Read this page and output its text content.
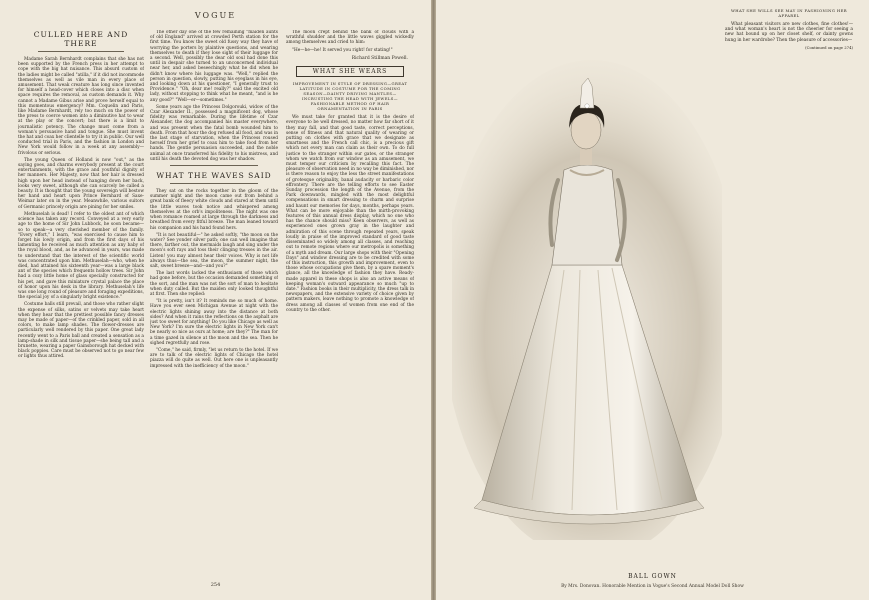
VOGUE
CULLED HERE AND THERE

Madame Sarah Bernhardt complains that she has not been supported by the French press in her attempt to cope with the big hat nuisance. This absurd custom of the ladies might be called "atilla," if it did not incommode themselves as well as vile man in every place of amusement. That weak creature has long since invented for himself a head-cover which closes into a disc when space requires the removal, as custom demands it. Why cannot a Madame Gibus arise and prove herself equal to this momentous emergency? Mm. Coquelin and Paris, like Madame Bernhardt, rely too much on the power of the press to coerce women into a diminutive hat to wear at the play or the concert; but there is a limit to journalistic potency. The change must come from a woman's persuasive hand and tongue. She must invent the hat and coax her clientelle to try it in public. Our well conducted trial in Paris, and the fashion in London and New York would follow in a week at any assembly—frivolous or serious.

The young Queen of Holland is now "out," as the saying goes, and charms everybody present at the court entertainments, with the grace and youthful dignity of her manners. Her Majesty, now that her hair is dressed high upon her head instead of hanging down her back, looks very sweet, although she can scarcely be called a beauty. It is thought that the young sovereign will bestow her hand and heart upon Prince Bernhard of Saxe-Weimar later on in the year. Meanwhile, various suitors of Germanic princely origin are pining for her smiles.

Methuselah is dead! I refer to the oldest ant of which science has taken any record. Conveyed at a very early age to the home of Sir John Lubbock, he soon became—so to speak—a very cherished member of the family. "Every effort," I learn, "was exercised to cause him to forget his lowly origin, and from the first days of his lamenting he received as much attention as any baby of the royal blood, and, as he advanced in years, was made to understand that the interest of the scientific world was concentrated upon him. Methuselah—who, when he died, had attained his sixteenth year—was a large black ant of the species which frequents hollow trees. Sir John had a cozy little home of glass specially constructed for his pet, and gave this miniature crystal palace the place of honor upon his desk in the library. Methuselah's life was one long round of pleasure and foraging expeditions, the special joy of a singularly bright existence."

Costume balls still prevail, and those who rather slight the expense of silks, satins or velvets may take heart when they hear that the prettiest possible fancy dresses may be made of paper—of the crinkled paper, sold in all colors, to make lamp shades. The flower-dresses are particularly well rendered by this paper. One great lady recently went to a Paris ball and created a sensation as a lamp-shade in silk and tissue paper—she being tall and a brunette, wearing a paper Gainsborough hat decked with black poppies. Care must be observed not to go near few or lights thus attired.

The other day one of the few remaining "maiden aunts of old England" arrived at crowded Perth station for the first time. You know the sweet old fussy way they have of worrying the porters by plaintive questions, and wearing themselves to death if they lose sight of their luggage for a second. Well, possibly the dear old soul had done this until in despair she turned to an unconcerned individual near her, and asked beseechingly what he did when he didn't know where his luggage was. "Well," replied the person in question, slowly, putting his eyeglass in his eye, and looking down at his questioner, "I generally trust to Providence." "Oh, dear me! really?" said the excited old lady, without stopping to think what he meant, "and is he any good?" "Well—er—sometimes."

Some years ago the Princess Dolgorouki, widow of the Czar Alexander II., possessed a magnificent dog, whose fidelity was remarkable. During the lifetime of Czar Alexander, the dog accompanied his master everywhere, and was present when the fatal bomb wounded him to death. From that hour the dog refused all food, and was in the last stage of starvation, when the Princess roused herself from her grief to coax him to take food from her hands. The gentle persuasion succeeded, and the noble animal at once transferred his fidelity to his mistress, and until his death the devoted dog was her shadow.

WHAT THE WAVES SAID

They sat on the rocks together in the gloom of the summer night and the moon came out from behind a great bank of fleecy white clouds and stared at them until the little waves took notice and whispered among themselves at the orb's impoliteness. The night was one when romance roamed at large through the darkness and breathed from every fitful breeze. The man leaned toward his companion and his hand found hers.

"It is not beautiful—" he asked softly, "the moon on the water? See yonder silver path; one can well imagine that there, farther out, the mermaids laugh and sing under the moon's soft rays and toss their clinging tresses in the air. Listen! you may almost hear their voices. Why is not life always thus—the sea, the moon, the summer night, the salt, sweet breeze—and—and you?"

The last words lacked the enthusiasm of those which had gone before, but the occasion demanded something of the sort, and the man was not the sort of man to hesitate when duty called. But the maiden only looked thoughtful at first. Then she replied:

"It is pretty, isn't it? It reminds me so much of home. Have you ever seen Michigan Avenue at night with the electric lights shining away into the distance at both sides? And when it rains the reflections on the asphalt are just too sweet for anything! Do you like Chicago as well as New York? I'm sure the electric lights in New York can't be nearly so nice as ours at home; are they?" The man for a time gazed in silence at the moon and the sea. Then he sighed regretfully and rose.

"Come," he said, firmly, "let us return to the hotel. If we are to talk of the electric lights of Chicago the hotel piazza will do quite as well. Out here one is unpleasantly impressed with the inefficiency of the moon."

The moon crept behind the bank of clouds with a wrathful shudder and the little waves giggled wickedly among themselves and cried to him:

"He—he—he! It served you right! for stating!"

Richard Stillman Powell.
WHAT SHE WEARS
IMPROVEMENT IN STYLE OF DRESSING—GREAT LATITUDE IN COSTUME FOR THE COMING SEASON—DAINTY DRIVING MANTLES—INCRUSTING THE HEAD WITH JEWELS—FASHIONABLE METHOD OF HAIR ORNAMENTATION IN PARIS

We must take for granted that it is the desire of everyone to be well dressed, no matter how far short of it they may fall, and that good taste, correct perceptions, sense of fitness and that natural quality of wearing or putting on clothes with grace that we designate as smartness and the French call chic, is a precious gift which not every man can claim as their own. To do full justice to the stranger within our gates, or the stranger whom we watch from our window as an amusement, we must temper our criticism by recalling this fact. The pleasure of observation need in no way be diminished, nor is there reason to enjoy the less the street manifestations of grotesque originality, banal audacity or barbaric color effrontery. There are the telling efforts to see Easter Sunday procession the length of the Avenue, from the Park downwards, mingled with the most delightful compensations in smart dressing to charm and surprise and haunt our memories for days, months, perhaps years. What can be more enjoyable than the mirth-provoking features of this annual dress display, which no one who has the chance should miss? Keen observers, as well as experienced ones grown gray in the laughter and admiration of this scene through repeated years, speak loudly in praise of the improved standard of good taste disseminated so widely among all classes, and reaching out to remote regions where our metropolis is something of a myth and dream. Our large shops with their "Opening Days" and window dressing are to be credited with some of this instruction, this growth and improvement, even to those whose occupations give them, by a spare moment's glance, all the knowledge of fashion they have. Ready-made apparel in these shops is also an active means of keeping woman's outward appearance so much "up to date." Fashion books in their multiplicity, the dress talk in newspapers, and the extensive variety of choice given by pattern makers, leave nothing to promote a knowledge of dress among all classes of women from one end of the country to the other.

254
WHAT SHE WILLS SEE MAY IN FASHIONING HER APPAREL

What pleasant visitors are new clothes, fine clothes!—and what woman's heart is not the cheerier for seeing a new hat bound up on her closet shelf, or dainty gowns hung in her wardrobe? Then the pleasure of accessories—

(Continued on page 274)
BALL GOWN
By Mrs. Donovan. Honorable Mention in Vogue's Second Annual Model Doll Show
